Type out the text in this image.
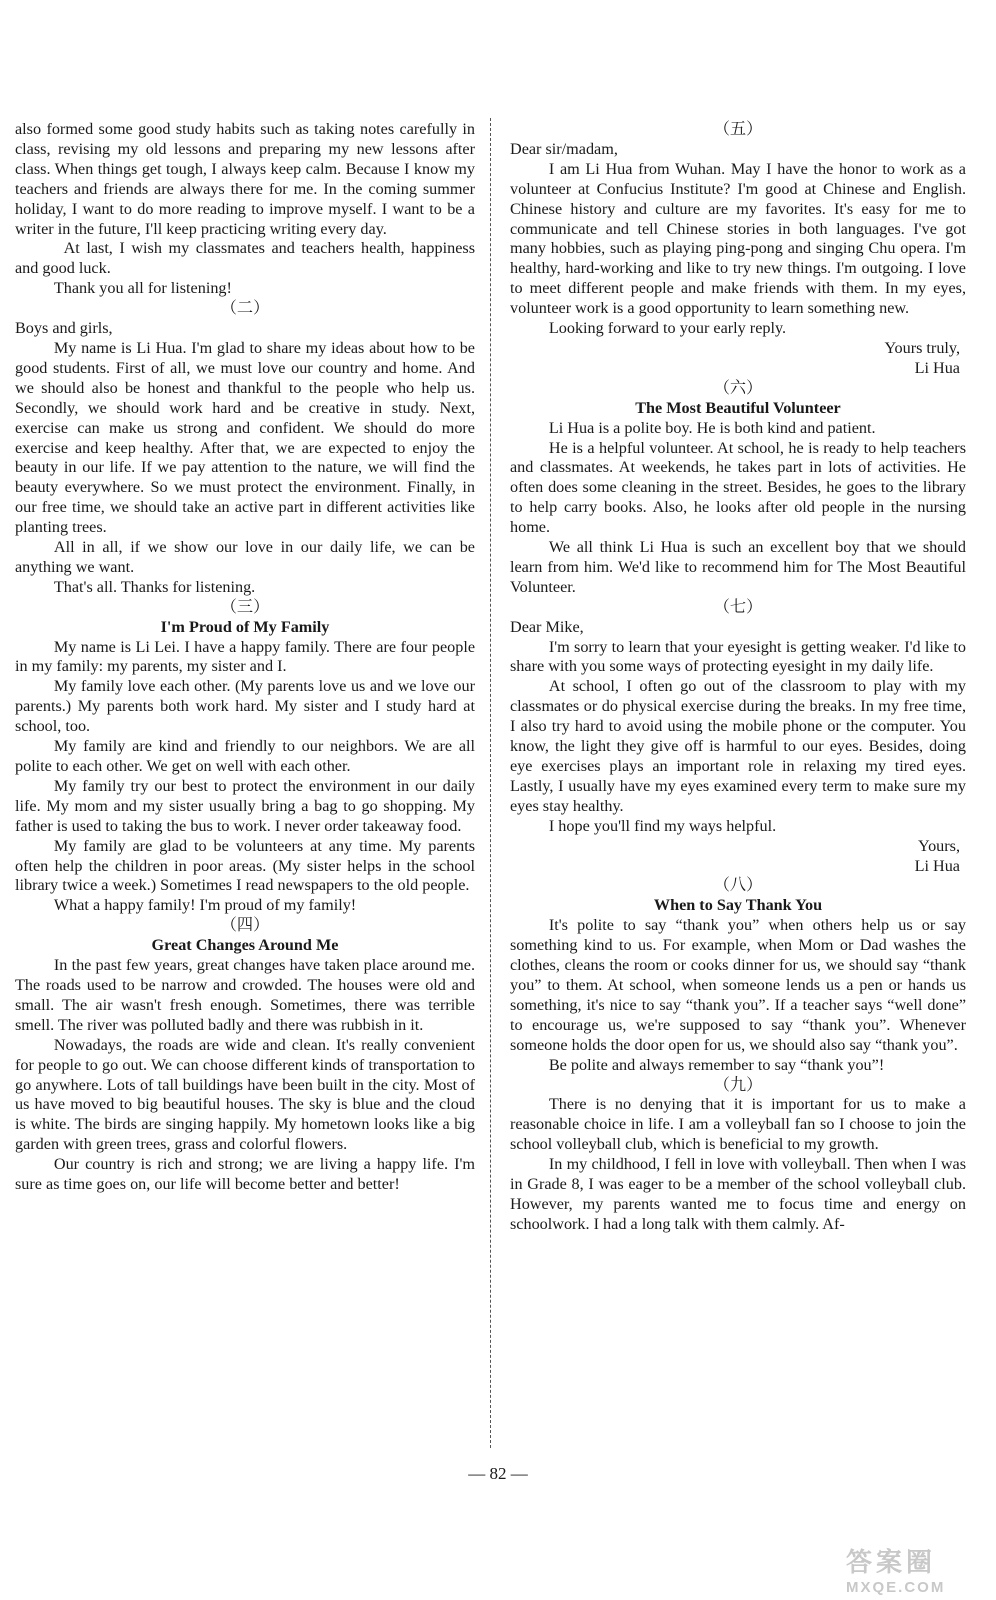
also formed some good study habits such as taking notes carefully in class, revising my old lessons and preparing my new lessons after class. When things get tough, I always keep calm. Because I know my teachers and friends are always there for me. In the coming summer holiday, I want to do more reading to improve myself. I want to be a writer in the future, I'll keep practicing writing every day.

At last, I wish my classmates and teachers health, happiness and good luck.

Thank you all for listening!

（二）

Boys and girls,

My name is Li Hua. I'm glad to share my ideas about how to be good students. First of all, we must love our country and home. And we should also be honest and thankful to the people who help us. Secondly, we should work hard and be creative in study. Next, exercise can make us strong and confident. We should do more exercise and keep healthy. After that, we are expected to enjoy the beauty in our life. If we pay attention to the nature, we will find the beauty everywhere. So we must protect the environment. Finally, in our free time, we should take an active part in different activities like planting trees.

All in all, if we show our love in our daily life, we can be anything we want.

That's all. Thanks for listening.

（三）
I'm Proud of My Family

My name is Li Lei. I have a happy family. There are four people in my family: my parents, my sister and I.

My family love each other. (My parents love us and we love our parents.) My parents both work hard. My sister and I study hard at school, too.

My family are kind and friendly to our neighbors. We are all polite to each other. We get on well with each other.

My family try our best to protect the environment in our daily life. My mom and my sister usually bring a bag to go shopping. My father is used to taking the bus to work. I never order takeaway food.

My family are glad to be volunteers at any time. My parents often help the children in poor areas. (My sister helps in the school library twice a week.) Sometimes I read newspapers to the old people.

What a happy family! I'm proud of my family!

（四）
Great Changes Around Me

In the past few years, great changes have taken place around me. The roads used to be narrow and crowded. The houses were old and small. The air wasn't fresh enough. Sometimes, there was terrible smell. The river was polluted badly and there was rubbish in it.

Nowadays, the roads are wide and clean. It's really convenient for people to go out. We can choose different kinds of transportation to go anywhere. Lots of tall buildings have been built in the city. Most of us have moved to big beautiful houses. The sky is blue and the cloud is white. The birds are singing happily. My hometown looks like a big garden with green trees, grass and colorful flowers.

Our country is rich and strong; we are living a happy life. I'm sure as time goes on, our life will become better and better!

（五）

Dear sir/madam,

I am Li Hua from Wuhan. May I have the honor to work as a volunteer at Confucius Institute? I'm good at Chinese and English. Chinese history and culture are my favorites. It's easy for me to communicate and tell Chinese stories in both languages. I've got many hobbies, such as playing ping-pong and singing Chu opera. I'm healthy, hard-working and like to try new things. I'm outgoing. I love to meet different people and make friends with them. In my eyes, volunteer work is a good opportunity to learn something new.

Looking forward to your early reply.

Yours truly,

Li Hua

（六）
The Most Beautiful Volunteer

Li Hua is a polite boy. He is both kind and patient.

He is a helpful volunteer. At school, he is ready to help teachers and classmates. At weekends, he takes part in lots of activities. He often does some cleaning in the street. Besides, he goes to the library to help carry books. Also, he looks after old people in the nursing home.

We all think Li Hua is such an excellent boy that we should learn from him. We'd like to recommend him for The Most Beautiful Volunteer.

（七）

Dear Mike,

I'm sorry to learn that your eyesight is getting weaker. I'd like to share with you some ways of protecting eyesight in my daily life.

At school, I often go out of the classroom to play with my classmates or do physical exercise during the breaks. In my free time, I also try hard to avoid using the mobile phone or the computer. You know, the light they give off is harmful to our eyes. Besides, doing eye exercises plays an important role in relaxing my tired eyes. Lastly, I usually have my eyes examined every term to make sure my eyes stay healthy.

I hope you'll find my ways helpful.

Yours,

Li Hua

（八）
When to Say Thank You

It's polite to say “thank you” when others help us or say something kind to us. For example, when Mom or Dad washes the clothes, cleans the room or cooks dinner for us, we should say “thank you” to them. At school, when someone lends us a pen or hands us something, it's nice to say “thank you”. If a teacher says “well done” to encourage us, we're supposed to say “thank you”. Whenever someone holds the door open for us, we should also say “thank you”.

Be polite and always remember to say “thank you”!

（九）

There is no denying that it is important for us to make a reasonable choice in life. I am a volleyball fan so I choose to join the school volleyball club, which is beneficial to my growth.

In my childhood, I fell in love with volleyball. Then when I was in Grade 8, I was eager to be a member of the school volleyball club. However, my parents wanted me to focus time and energy on schoolwork. I had a long talk with them calmly. Af-

— 82 —
答案圈
MXQE.COM
